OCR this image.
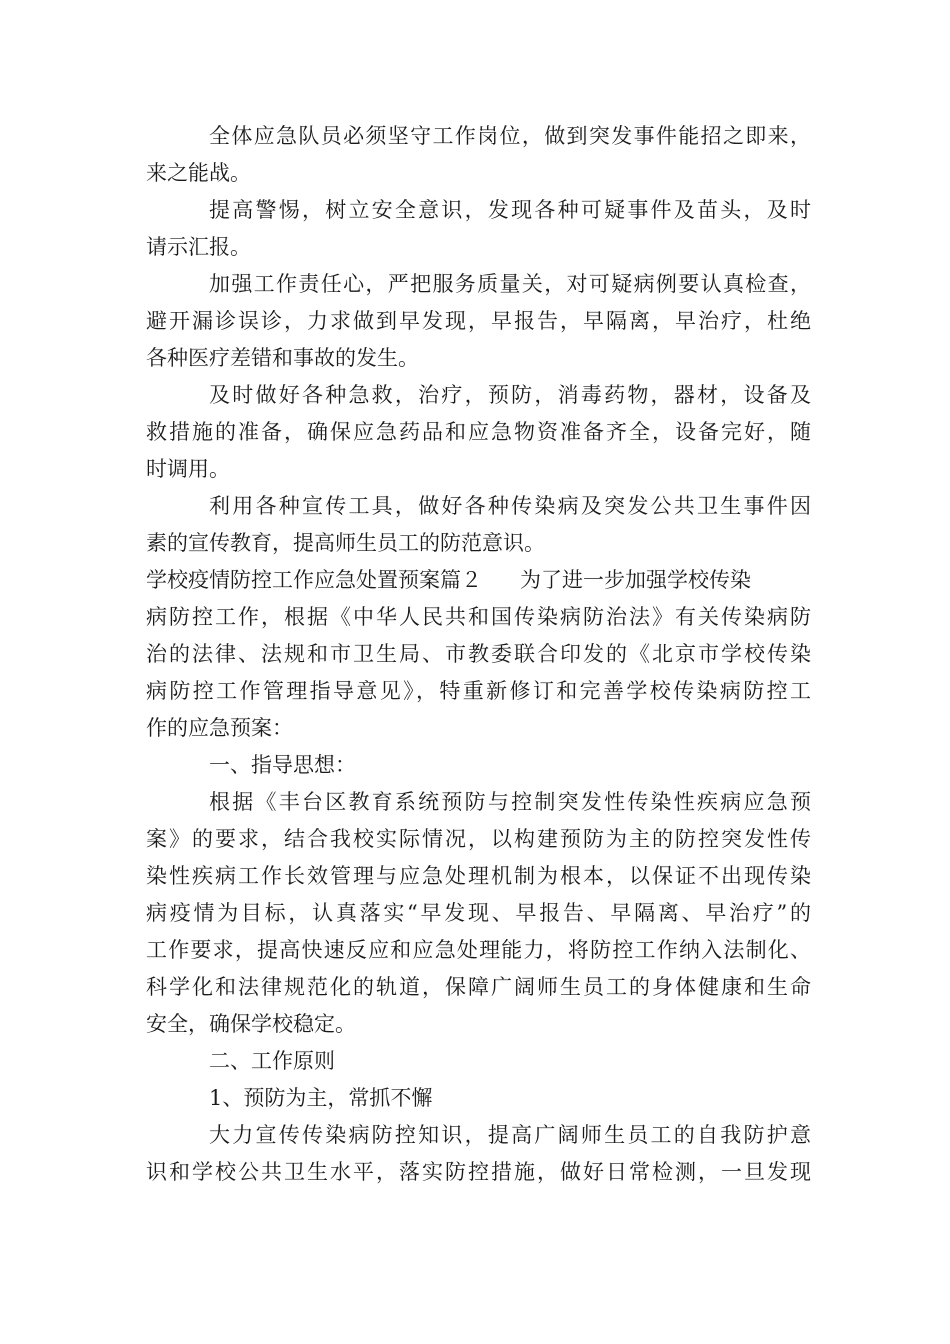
全体应急队员必须坚守工作岗位，做到突发事件能招之即来，
来之能战。
提高警惕，树立安全意识，发现各种可疑事件及苗头，及时
请示汇报。
加强工作责任心，严把服务质量关，对可疑病例要认真检查，
避开漏诊误诊，力求做到早发现，早报告，早隔离，早治疗，杜绝
各种医疗差错和事故的发生。
及时做好各种急救，治疗，预防，消毒药物，器材，设备及
救措施的准备，确保应急药品和应急物资准备齐全，设备完好，随
时调用。
利用各种宣传工具，做好各种传染病及突发公共卫生事件因
素的宣传教育，提高师生员工的防范意识。
学校疫情防控工作应急处置预案篇２ 为了进一步加强学校传染
病防控工作，根据《中华人民共和国传染病防治法》有关传染病防
治的法律、法规和市卫生局、市教委联合印发的《北京市学校传染
病防控工作管理指导意见》，特重新修订和完善学校传染病防控工
作的应急预案：
一、指导思想：
根据《丰台区教育系统预防与控制突发性传染性疾病应急预
案》的要求，结合我校实际情况，以构建预防为主的防控突发性传
染性疾病工作长效管理与应急处理机制为根本，以保证不出现传染
病疫情为目标，认真落实“早发现、早报告、早隔离、早治疗”的
工作要求，提高快速反应和应急处理能力，将防控工作纳入法制化、
科学化和法律规范化的轨道，保障广阔师生员工的身体健康和生命
安全，确保学校稳定。
二、工作原则
1、预防为主，常抓不懈
大力宣传传染病防控知识，提高广阔师生员工的自我防护意
识和学校公共卫生水平，落实防控措施，做好日常检测，一旦发现
